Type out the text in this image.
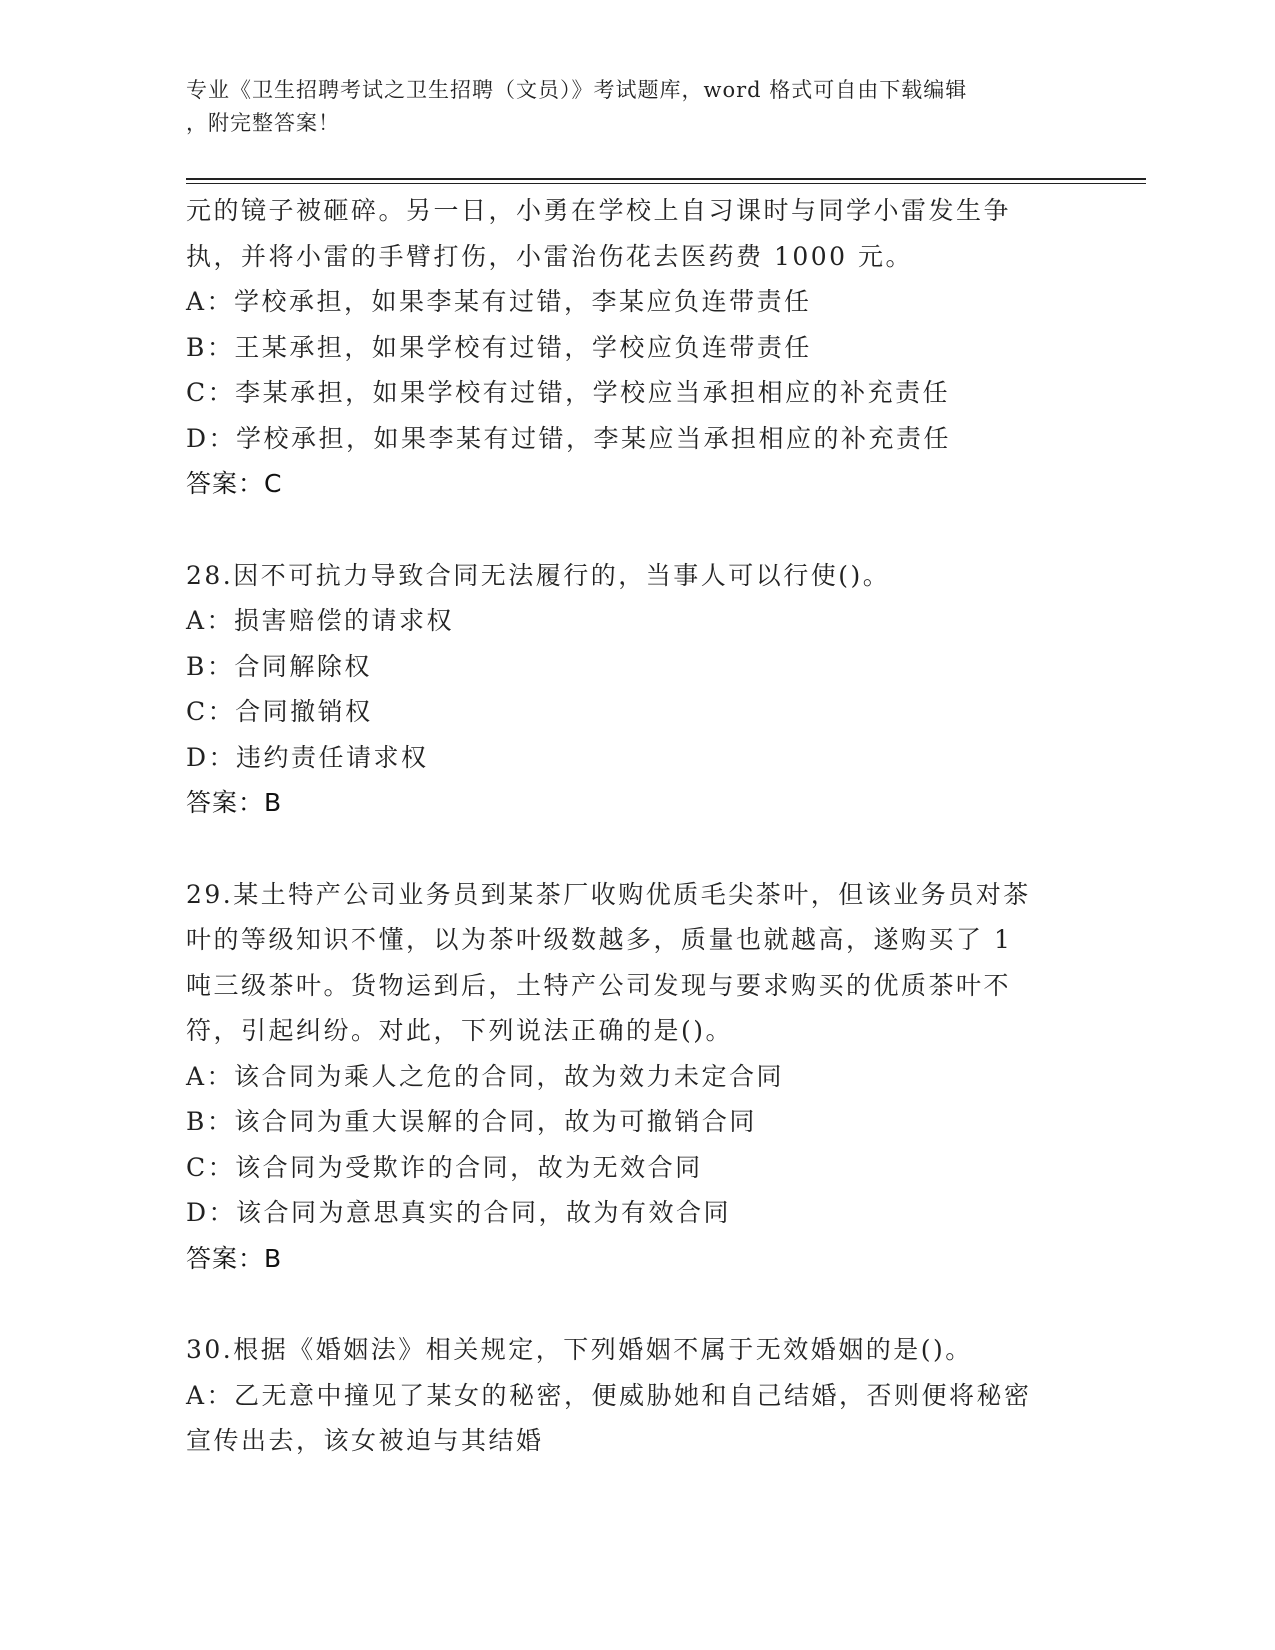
专业《卫生招聘考试之卫生招聘（文员）》考试题库，word 格式可自由下载编辑
，附完整答案！
元的镜子被砸碎。另一日，小勇在学校上自习课时与同学小雷发生争
执，并将小雷的手臂打伤，小雷治伤花去医药费 1000 元。
A：学校承担，如果李某有过错，李某应负连带责任
B：王某承担，如果学校有过错，学校应负连带责任
C：李某承担，如果学校有过错，学校应当承担相应的补充责任
D：学校承担，如果李某有过错，李某应当承担相应的补充责任
答案：C
28.因不可抗力导致合同无法履行的，当事人可以行使()。
A：损害赔偿的请求权
B：合同解除权
C：合同撤销权
D：违约责任请求权
答案：B
29.某土特产公司业务员到某茶厂收购优质毛尖茶叶，但该业务员对茶
叶的等级知识不懂，以为茶叶级数越多，质量也就越高，遂购买了 1
吨三级茶叶。货物运到后，土特产公司发现与要求购买的优质茶叶不
符，引起纠纷。对此，下列说法正确的是()。
A：该合同为乘人之危的合同，故为效力未定合同
B：该合同为重大误解的合同，故为可撤销合同
C：该合同为受欺诈的合同，故为无效合同
D：该合同为意思真实的合同，故为有效合同
答案：B
30.根据《婚姻法》相关规定，下列婚姻不属于无效婚姻的是()。
A：乙无意中撞见了某女的秘密，便威胁她和自己结婚，否则便将秘密
宣传出去，该女被迫与其结婚
